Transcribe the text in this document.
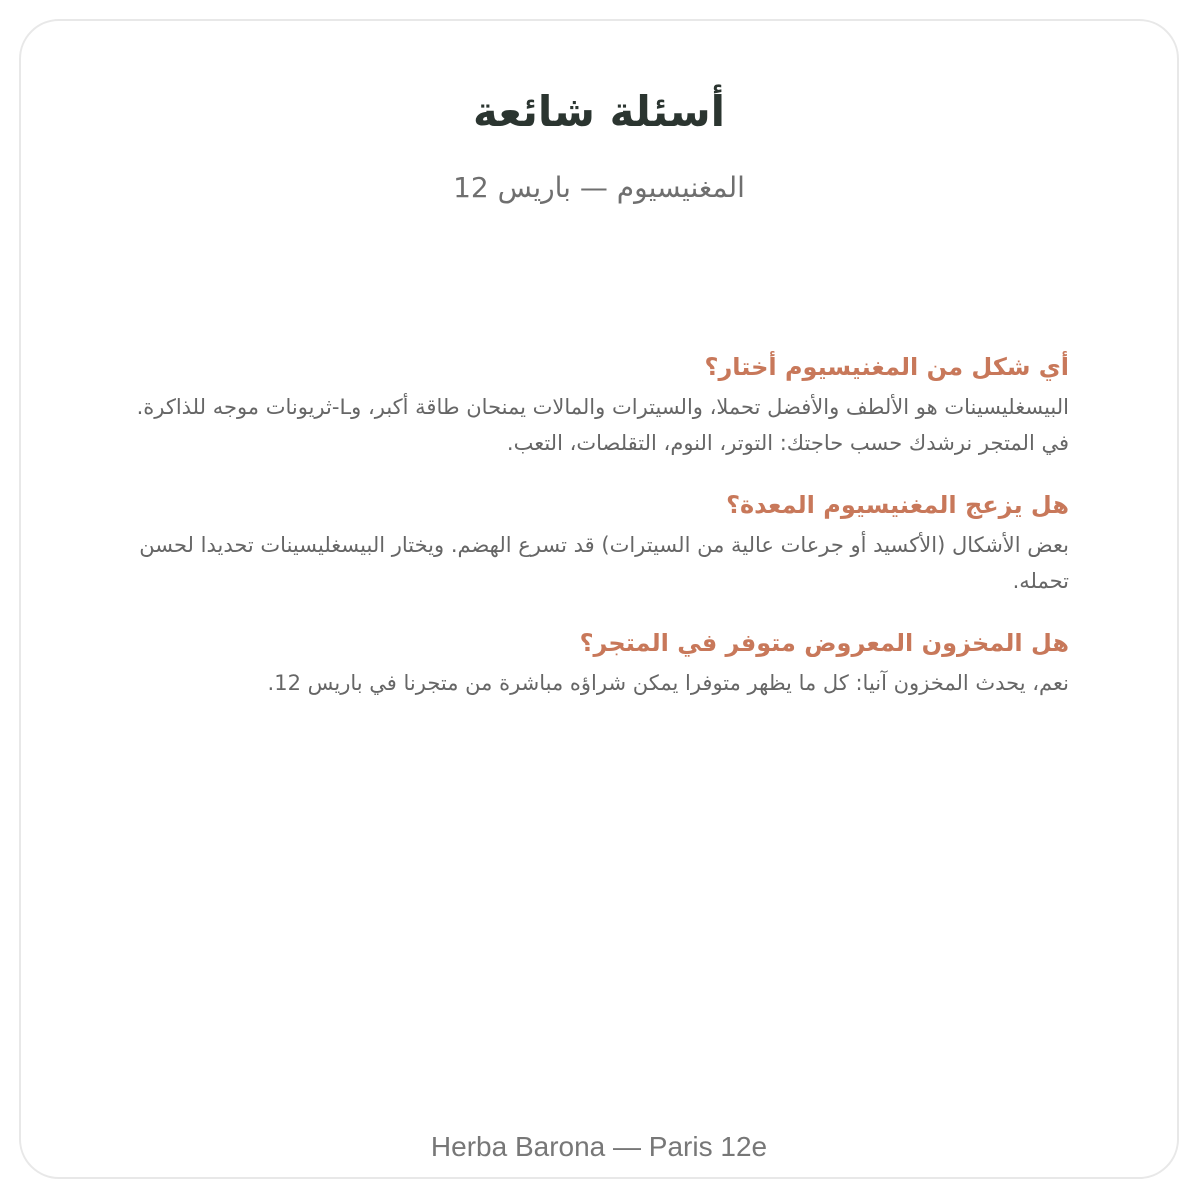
أسئلة شائعة
المغنيسيوم — باريس 12
أي شكل من المغنيسيوم أختار؟
البيسغليسينات هو الألطف والأفضل تحملا، والسيترات والمالات يمنحان طاقة أكبر، وL-ثريونات موجه للذاكرة. في المتجر نرشدك حسب حاجتك: التوتر، النوم، التقلصات، التعب.
هل يزعج المغنيسيوم المعدة؟
بعض الأشكال (الأكسيد أو جرعات عالية من السيترات) قد تسرع الهضم. ويختار البيسغليسينات تحديدا لحسن تحمله.
هل المخزون المعروض متوفر في المتجر؟
نعم، يحدث المخزون آنيا: كل ما يظهر متوفرا يمكن شراؤه مباشرة من متجرنا في باريس 12.
Herba Barona — Paris 12e
